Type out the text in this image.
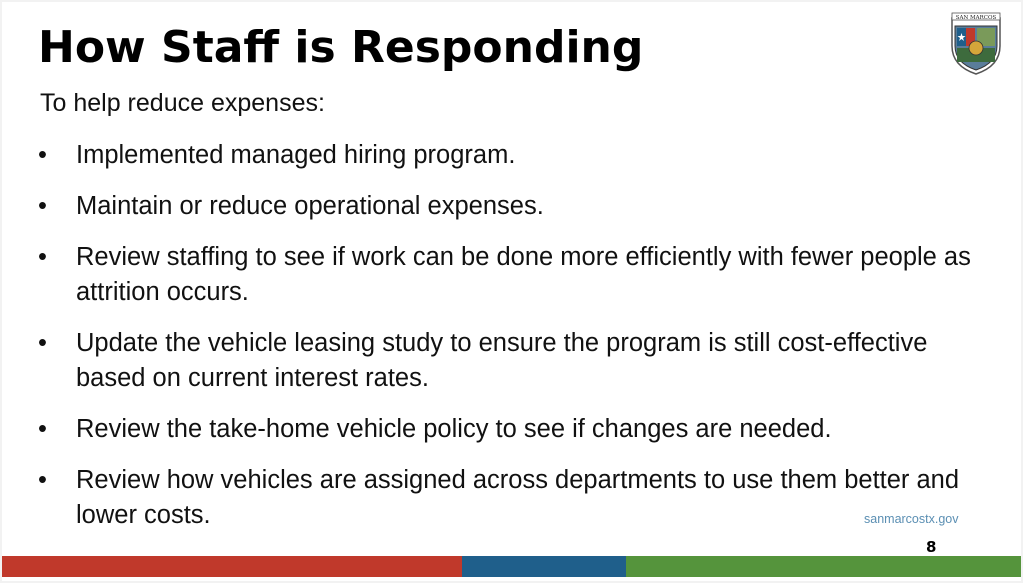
How Staff is Responding
SAN MARCOS
To help reduce expenses:
• Implemented managed hiring program.
• Maintain or reduce operational expenses.
• Review staffing to see if work can be done more efficiently with fewer people as attrition occurs.
• Update the vehicle leasing study to ensure the program is still cost-effective based on current interest rates.
• Review the take-home vehicle policy to see if changes are needed.
• Review how vehicles are assigned across departments to use them better and lower costs.	sanmarcostx.gov
8
